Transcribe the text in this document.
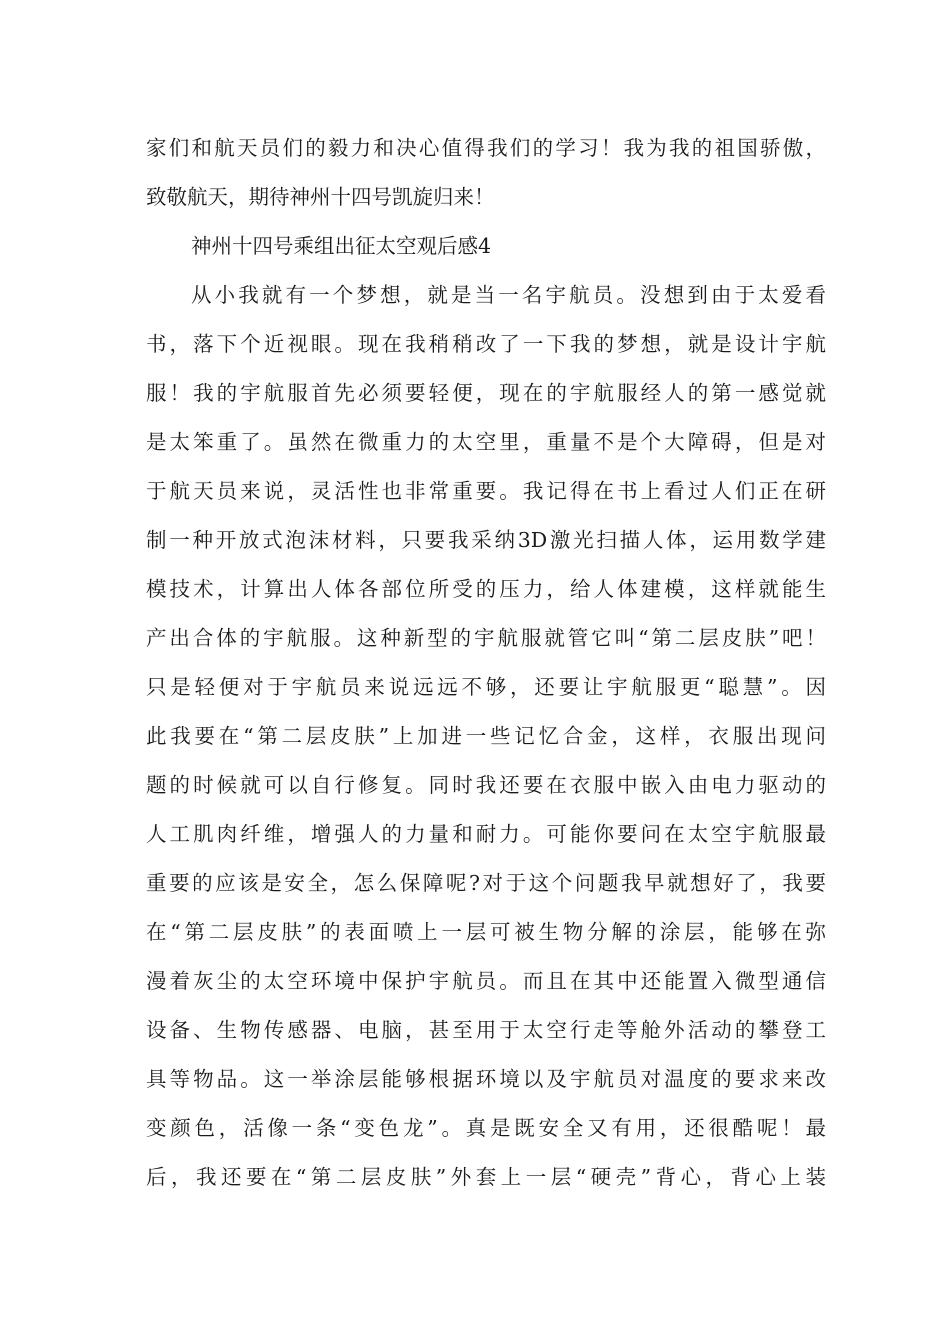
家们和航天员们的毅力和决心值得我们的学习！我为我的祖国骄傲，
致敬航天，期待神州十四号凯旋归来！
神州十四号乘组出征太空观后感4
从小我就有一个梦想，就是当一名宇航员。没想到由于太爱看
书，落下个近视眼。现在我稍稍改了一下我的梦想，就是设计宇航
服！我的宇航服首先必须要轻便，现在的宇航服经人的第一感觉就
是太笨重了。虽然在微重力的太空里，重量不是个大障碍，但是对
于航天员来说，灵活性也非常重要。我记得在书上看过人们正在研
制一种开放式泡沫材料，只要我采纳3D激光扫描人体，运用数学建
模技术，计算出人体各部位所受的压力，给人体建模，这样就能生
产出合体的宇航服。这种新型的宇航服就管它叫“第二层皮肤”吧！
只是轻便对于宇航员来说远远不够，还要让宇航服更“聪慧”。因
此我要在“第二层皮肤”上加进一些记忆合金，这样，衣服出现问
题的时候就可以自行修复。同时我还要在衣服中嵌入由电力驱动的
人工肌肉纤维，增强人的力量和耐力。可能你要问在太空宇航服最
重要的应该是安全，怎么保障呢?对于这个问题我早就想好了，我要
在“第二层皮肤”的表面喷上一层可被生物分解的涂层，能够在弥
漫着灰尘的太空环境中保护宇航员。而且在其中还能置入微型通信
设备、生物传感器、电脑，甚至用于太空行走等舱外活动的攀登工
具等物品。这一举涂层能够根据环境以及宇航员对温度的要求来改
变颜色，活像一条“变色龙”。真是既安全又有用，还很酷呢！最
后，我还要在“第二层皮肤”外套上一层“硬壳”背心，背心上装
